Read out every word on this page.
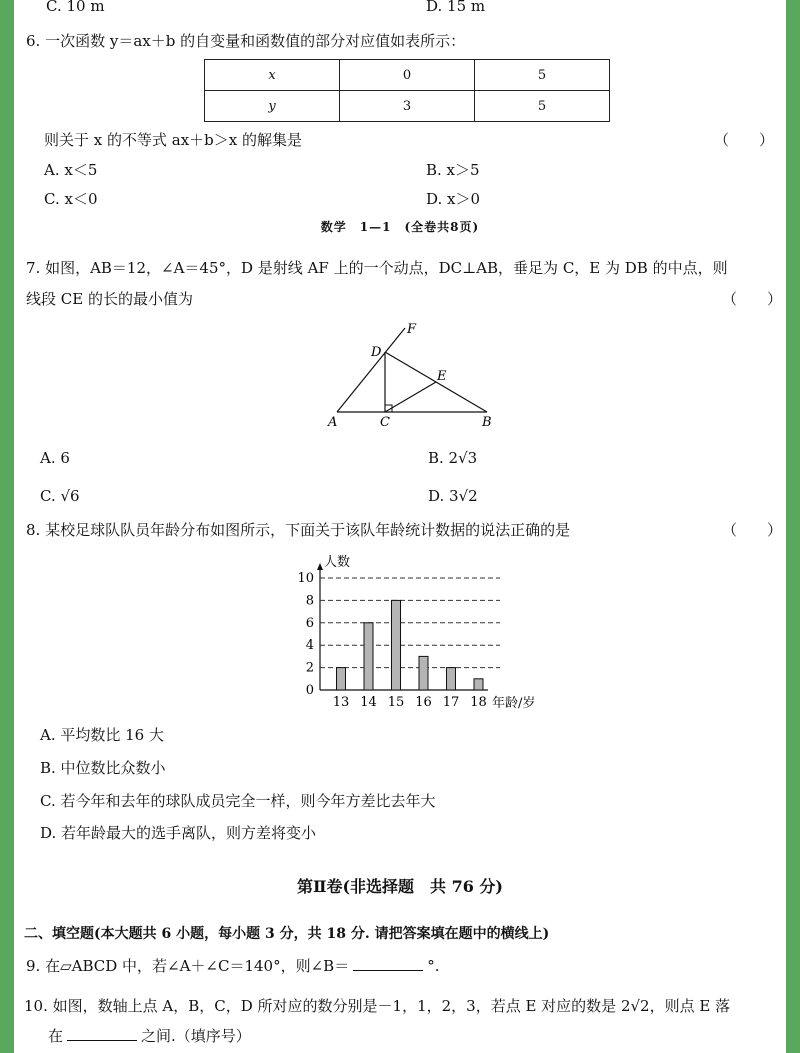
C. 10 m	D. 15 m
6. 一次函数 y＝ax＋b 的自变量和函数值的部分对应值如表所示：
x	0	5
y	3	5
则关于 x 的不等式 ax＋b＞x 的解集是	（　　）
A. x＜5	B. x＞5
C. x＜0	D. x＞0
数学　1—1　(全卷共8页)
7. 如图，AB＝12，∠A＝45°，D 是射线 AF 上的一个动点，DC⊥AB，垂足为 C，E 为 DB 的中点，则
线段 CE 的长的最小值为	（　　）
F
D
E
A	C	B
A. 6	B. 2√3
C. √6	D. 3√2
8. 某校足球队队员年龄分布如图所示，下面关于该队年龄统计数据的说法正确的是	（　　）
人数
年龄/岁
0
2
4
6
8
10
13 14 15 16 17 18
A. 平均数比 16 大
B. 中位数比众数小
C. 若今年和去年的球队成员完全一样，则今年方差比去年大
D. 若年龄最大的选手离队，则方差将变小
第Ⅱ卷(非选择题　共 76 分)
二、填空题(本大题共 6 小题，每小题 3 分，共 18 分. 请把答案填在题中的横线上)
9. 在▱ABCD 中，若∠A＋∠C＝140°，则∠B＝	°.
10. 如图，数轴上点 A，B，C，D 所对应的数分别是－1，1，2，3，若点 E 对应的数是 2√2，则点 E 落
在	之间.（填序号）
